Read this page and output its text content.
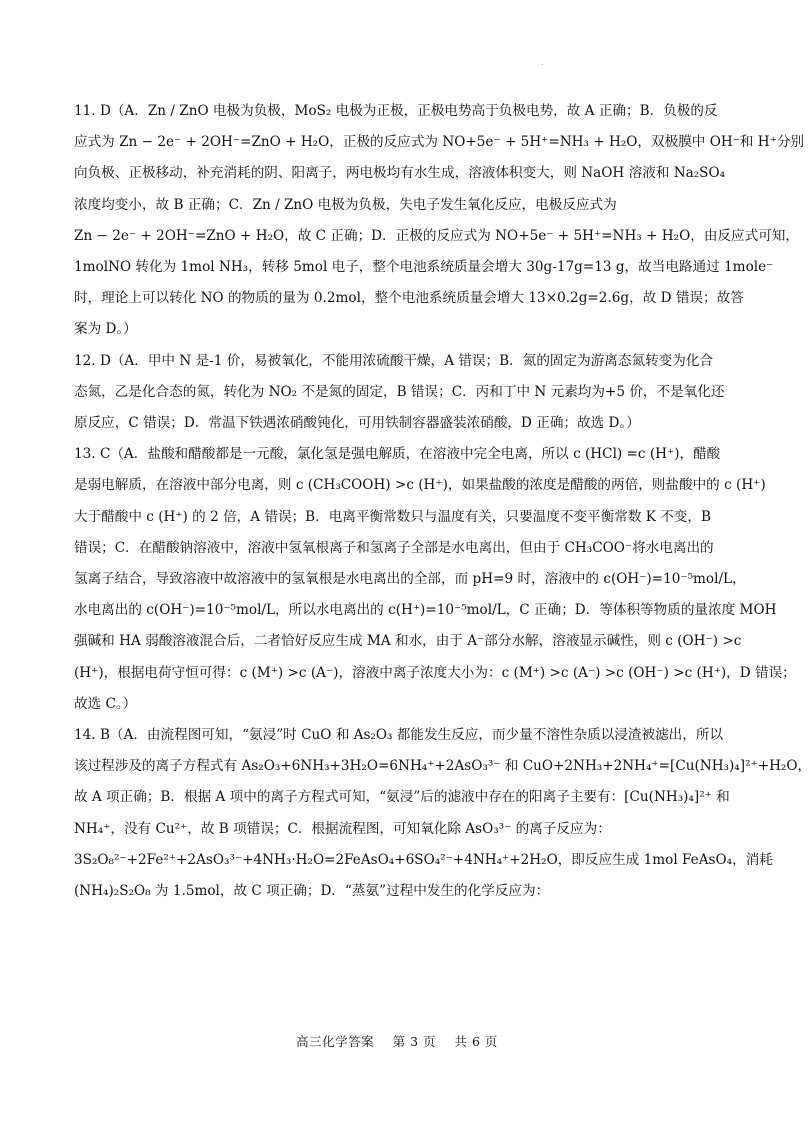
.
11. D（A．Zn / ZnO 电极为负极，MoS₂ 电极为正极，正极电势高于负极电势，故 A 正确；B．负极的反
应式为 Zn − 2e⁻ + 2OH⁻=ZnO + H₂O，正极的反应式为 NO+5e⁻ + 5H⁺=NH₃ + H₂O，双极膜中 OH⁻和 H⁺分别
向负极、正极移动，补充消耗的阴、阳离子，两电极均有水生成，溶液体积变大，则 NaOH 溶液和 Na₂SO₄
浓度均变小，故 B 正确；C．Zn / ZnO 电极为负极，失电子发生氧化反应，电极反应式为
Zn − 2e⁻ + 2OH⁻=ZnO + H₂O，故 C 正确；D．正极的反应式为 NO+5e⁻ + 5H⁺=NH₃ + H₂O，由反应式可知，
1molNO 转化为 1mol NH₃，转移 5mol 电子，整个电池系统质量会增大 30g-17g=13 g，故当电路通过 1mole⁻
时，理论上可以转化 NO 的物质的量为 0.2mol，整个电池系统质量会增大 13×0.2g=2.6g，故 D 错误；故答
案为 D。）
12. D（A．甲中 N 是-1 价，易被氧化，不能用浓硫酸干燥，A 错误；B．氮的固定为游离态氮转变为化合
态氮，乙是化合态的氮，转化为 NO₂ 不是氮的固定，B 错误；C．丙和丁中 N 元素均为+5 价，不是氧化还
原反应，C 错误；D．常温下铁遇浓硝酸钝化，可用铁制容器盛装浓硝酸，D 正确；故选 D。）
13. C（A．盐酸和醋酸都是一元酸，氯化氢是强电解质，在溶液中完全电离，所以 c (HCl) =c (H⁺)，醋酸
是弱电解质，在溶液中部分电离，则 c (CH₃COOH) >c (H⁺)，如果盐酸的浓度是醋酸的两倍，则盐酸中的 c (H⁺)
大于醋酸中 c (H⁺) 的 2 倍，A 错误；B．电离平衡常数只与温度有关，只要温度不变平衡常数 K 不变，B
错误；C．在醋酸钠溶液中，溶液中氢氧根离子和氢离子全部是水电离出，但由于 CH₃COO⁻将水电离出的
氢离子结合，导致溶液中故溶液中的氢氧根是水电离出的全部，而 pH=9 时，溶液中的 c(OH⁻)=10⁻⁵mol/L，
水电离出的 c(OH⁻)=10⁻⁵mol/L，所以水电离出的 c(H⁺)=10⁻⁵mol/L，C 正确；D．等体积等物质的量浓度 MOH
强碱和 HA 弱酸溶液混合后，二者恰好反应生成 MA 和水，由于 A⁻部分水解，溶液显示碱性，则 c (OH⁻) >c
(H⁺)，根据电荷守恒可得：c (M⁺) >c (A⁻)，溶液中离子浓度大小为：c (M⁺) >c (A⁻) >c (OH⁻) >c (H⁺)，D 错误；
故选 C。）
14. B（A．由流程图可知，“氨浸”时 CuO 和 As₂O₃ 都能发生反应，而少量不溶性杂质以浸渣被滤出，所以
该过程涉及的离子方程式有 As₂O₃+6NH₃+3H₂O=6NH₄⁺+2AsO₃³⁻ 和 CuO+2NH₃+2NH₄⁺=[Cu(NH₃)₄]²⁺+H₂O，
故 A 项正确；B．根据 A 项中的离子方程式可知，“氨浸”后的滤液中存在的阳离子主要有：[Cu(NH₃)₄]²⁺ 和
NH₄⁺，没有 Cu²⁺，故 B 项错误；C．根据流程图，可知氧化除 AsO₃³⁻ 的离子反应为：
3S₂O₈²⁻+2Fe²⁺+2AsO₃³⁻+4NH₃·H₂O=2FeAsO₄+6SO₄²⁻+4NH₄⁺+2H₂O，即反应生成 1mol FeAsO₄，消耗
(NH₄)₂S₂O₈ 为 1.5mol，故 C 项正确；D．“蒸氨”过程中发生的化学反应为：
高三化学答案 第 3 页 共 6 页
